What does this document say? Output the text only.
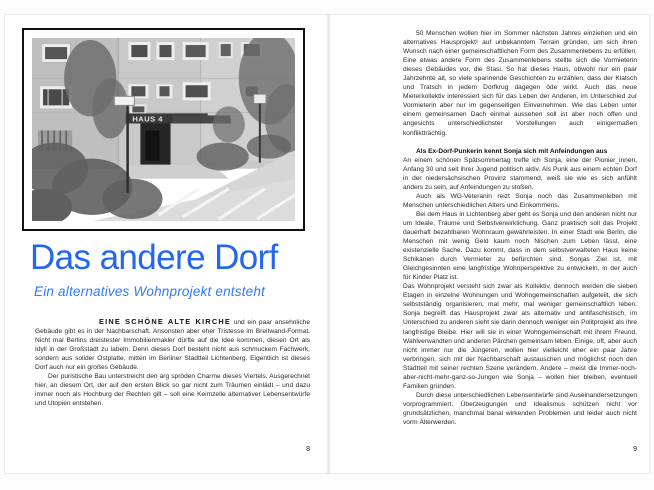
HAUS 4
Das andere Dorf
Ein alternatives Wohnprojekt entsteht

EINE SCHÖNE ALTE KIRCHE und ein paar ansehnliche Gebäude gibt es in der Nachbarschaft. Ansonsten aber eher Tristesse im Breitwand-Format. Nicht mal Berlins dreistester Immobilienmakler dürfte auf die Idee kommen, diesen Ort als Idyll in der Großstadt zu labeln. Denn dieses Dorf besteht nicht aus schmuckem Fachwerk, sondern aus solider Ostplatte, mitten im Berliner Stadtteil Lichtenberg. Eigentlich ist dieses Dorf auch nur ein großes Gebäude.

Der puristische Bau unterstreicht den arg spröden Charme dieses Viertels. Ausgerechnet hier, an diesem Ort, der auf den ersten Blick so gar nicht zum Träumen einlädt – und dazu immer noch als Hochburg der Rechten gilt – soll eine Keimzelle alternativer Lebensentwürfe und Utopien entstehen.

8

50 Menschen wollen hier im Sommer nächsten Jahres einziehen und ein alternatives Hausprojekt¹ auf unbekanntem Terrain gründen, um sich ihren Wunsch nach einer gemeinschaftlichen Form des Zusammenlebens zu erfüllen. Eine etwas andere Form des Zusammenlebens stellte sich die Vormieterin dieses Gebäudes vor, die Stasi. So hat dieses Haus, obwohl nur ein paar Jahrzehnte alt, so viele spannende Geschichten zu erzählen, dass der Klatsch und Tratsch in jedem Dorfkrug dagegen öde wirkt. Auch das neue Mieterkollektiv interessiert sich für das Leben der Anderen, im Unterschied zur Vormieterin aber nur im gegenseitigen Einvernehmen. Wie das Leben unter einem gemeinsamen Dach einmal aussehen soll ist aber noch offen und angesichts unterschiedlichster Vorstellungen auch einigermaßen konfliktträchtig.

Als Ex-Dorf-Punkerin kennt Sonja sich mit Anfeindungen aus

An einem schönen Spätsommertag treffe ich Sonja, eine der Pionier_innen, Anfang 30 und seit ihrer Jugend politisch aktiv. Als Punk aus einem echten Dorf in der niedersächsischen Provinz stammend, weiß sie wie es sich anfühlt anders zu sein, auf Anfeindungen zu stoßen.

Auch als WG-Veteranin reizt Sonja noch das Zusammenleben mit Menschen unterschiedlichen Alters und Einkommens.

Bei dem Haus in Lichtenberg aber geht es Sonja und den anderen nicht nur um Ideale, Träume und Selbstverwirklichung. Ganz praktisch soll das Projekt dauerhaft bezahlbaren Wohnraum gewährleisten. In einer Stadt wie Berlin, die Menschen mit wenig Geld kaum noch Nischen zum Leben lässt, eine existenzielle Sache. Dazu kommt, dass in dem selbstverwalteten Haus keine Schikanen durch Vermieter zu befürchten sind. Sonjas Ziel ist, mit Gleichgesinnten eine langfristige Wohnperspektive zu entwickeln, in der auch für Kinder Platz ist.

Das Wohnprojekt versteht sich zwar als Kollektiv, dennoch werden die sieben Etagen in einzelne Wohnungen und Wohngemeinschaften aufgeteilt, die sich selbstständig organisieren, mal mehr, mal weniger gemeinschaftlich leben. Sonja begreift das Hausprojekt zwar als alternativ und antifaschistisch, im Unterschied zu anderen sieht sie darin dennoch weniger ein Politprojekt als ihre langfristige Bleibe. Hier will sie in einer Wohngemeinschaft mit ihrem Freund, Wahlverwandten und anderen Pärchen gemeinsam leben. Einige, oft, aber auch nicht immer nur die Jüngeren, wollen hier vielleicht eher ein paar Jahre verbringen, sich mit der Nachbarschaft austauschen und möglichst noch den Stadtteil mit seiner rechten Szene verändern. Andere – meist die Immer-noch-aber-nicht-mehr-ganz-so-Jungen wie Sonja – wollen hier bleiben, eventuell Familien gründen.

Durch diese unterschiedlichen Lebensentwürfe sind Auseinandersetzungen vorprogrammiert. Überzeugungen und Idealismus schützen nicht vor grundsätzlichen, manchmal banal wirkenden Problemen und leider auch nicht vorm Älterwerden.

9
